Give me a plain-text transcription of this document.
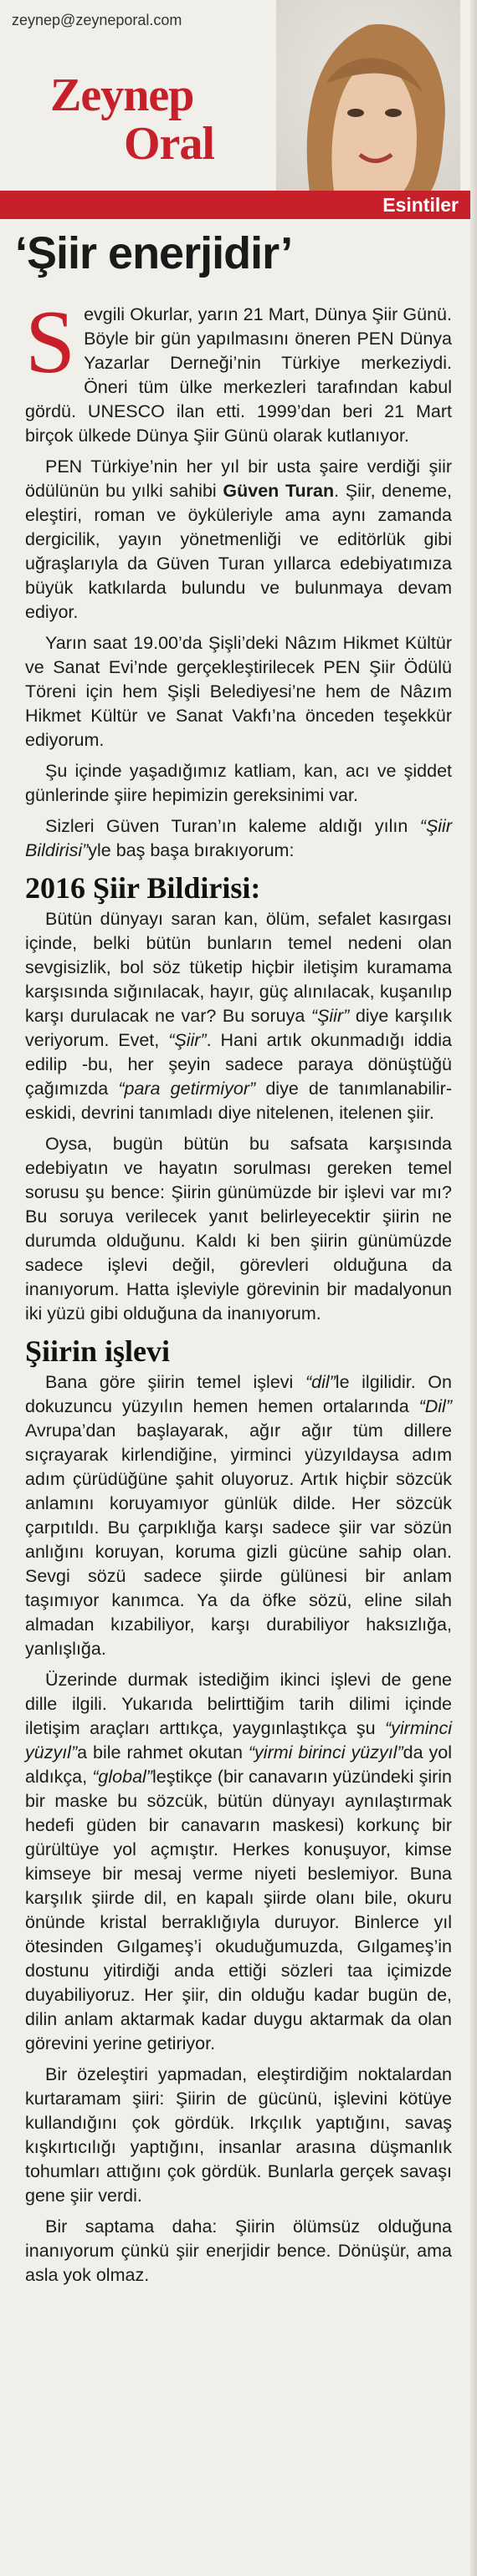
zeynep@zeyneporal.com
Zeynep
Oral
Esintiler
‘Şiir enerjidir’

Sevgili Okurlar, yarın 21 Mart, Dünya Şiir Günü. Böyle bir gün yapılmasını öneren PEN Dünya Yazarlar Derneği’nin Türkiye merkeziydi. Öneri tüm ülke merkezleri tarafından kabul gördü. UNESCO ilan etti. 1999’dan beri 21 Mart birçok ülkede Dünya Şiir Günü olarak kutlanıyor.

PEN Türkiye’nin her yıl bir usta şaire verdiği şiir ödülünün bu yılki sahibi Güven Turan. Şiir, deneme, eleştiri, roman ve öyküleriyle ama aynı zamanda dergicilik, yayın yönetmenliği ve editörlük gibi uğraşlarıyla da Güven Turan yıllarca edebiyatımıza büyük katkılarda bulundu ve bulunmaya devam ediyor.

Yarın saat 19.00’da Şişli’deki Nâzım Hikmet Kültür ve Sanat Evi’nde gerçekleştirilecek PEN Şiir Ödülü Töreni için hem Şişli Belediyesi’ne hem de Nâzım Hikmet Kültür ve Sanat Vakfı’na önceden teşekkür ediyorum.

Şu içinde yaşadığımız katliam, kan, acı ve şiddet günlerinde şiire hepimizin gereksinimi var.

Sizleri Güven Turan’ın kaleme aldığı yılın “Şiir Bildirisi”yle baş başa bırakıyorum:

2016 Şiir Bildirisi:

Bütün dünyayı saran kan, ölüm, sefalet kasırgası içinde, belki bütün bunların temel nedeni olan sevgisizlik, bol söz tüketip hiçbir iletişim kuramama karşısında sığınılacak, hayır, güç alınılacak, kuşanılıp karşı durulacak ne var? Bu soruya “Şiir” diye karşılık veriyorum. Evet, “Şiir”. Hani artık okunmadığı iddia edilip -bu, her şeyin sadece paraya dönüştüğü çağımızda “para getirmiyor” diye de tanımlanabilir- eskidi, devrini tanımladı diye nitelenen, itelenen şiir.

Oysa, bugün bütün bu safsata karşısında edebiyatın ve hayatın sorulması gereken temel sorusu şu bence: Şiirin günümüzde bir işlevi var mı? Bu soruya verilecek yanıt belirleyecektir şiirin ne durumda olduğunu. Kaldı ki ben şiirin günümüzde sadece işlevi değil, görevleri olduğuna da inanıyorum. Hatta işleviyle görevinin bir madalyonun iki yüzü gibi olduğuna da inanıyorum.

Şiirin işlevi

Bana göre şiirin temel işlevi “dil”le ilgilidir. On dokuzuncu yüzyılın hemen hemen ortalarında “Dil” Avrupa’dan başlayarak, ağır ağır tüm dillere sıçrayarak kirlendiğine, yirminci yüzyıldaysa adım adım çürüdüğüne şahit oluyoruz. Artık hiçbir sözcük anlamını koruyamıyor günlük dilde. Her sözcük çarpıtıldı. Bu çarpıklığa karşı sadece şiir var sözün anlığını koruyan, koruma gizli gücüne sahip olan. Sevgi sözü sadece şiirde gülünesi bir anlam taşımıyor kanımca. Ya da öfke sözü, eline silah almadan kızabiliyor, karşı durabiliyor haksızlığa, yanlışlığa.

Üzerinde durmak istediğim ikinci işlevi de gene dille ilgili. Yukarıda belirttiğim tarih dilimi içinde iletişim araçları arttıkça, yaygınlaştıkça şu “yirminci yüzyıl”a bile rahmet okutan “yirmi birinci yüzyıl”da yol aldıkça, “global”leştikçe (bir canavarın yüzündeki şirin bir maske bu sözcük, bütün dünyayı aynılaştırmak hedefi güden bir canavarın maskesi) korkunç bir gürültüye yol açmıştır. Herkes konuşuyor, kimse kimseye bir mesaj verme niyeti beslemiyor. Buna karşılık şiirde dil, en kapalı şiirde olanı bile, okuru önünde kristal berraklığıyla duruyor. Binlerce yıl ötesinden Gılgameş’i okuduğumuzda, Gılgameş’in dostunu yitirdiği anda ettiği sözleri taa içimizde duyabiliyoruz. Her şiir, din olduğu kadar bugün de, dilin anlam aktarmak kadar duygu aktarmak da olan görevini yerine getiriyor.

Bir özeleştiri yapmadan, eleştirdiğim noktalardan kurtaramam şiiri: Şiirin de gücünü, işlevini kötüye kullandığını çok gördük. Irkçılık yaptığını, savaş kışkırtıcılığı yaptığını, insanlar arasına düşmanlık tohumları attığını çok gördük. Bunlarla gerçek savaşı gene şiir verdi.

Bir saptama daha: Şiirin ölümsüz olduğuna inanıyorum çünkü şiir enerjidir bence. Dönüşür, ama asla yok olmaz.
